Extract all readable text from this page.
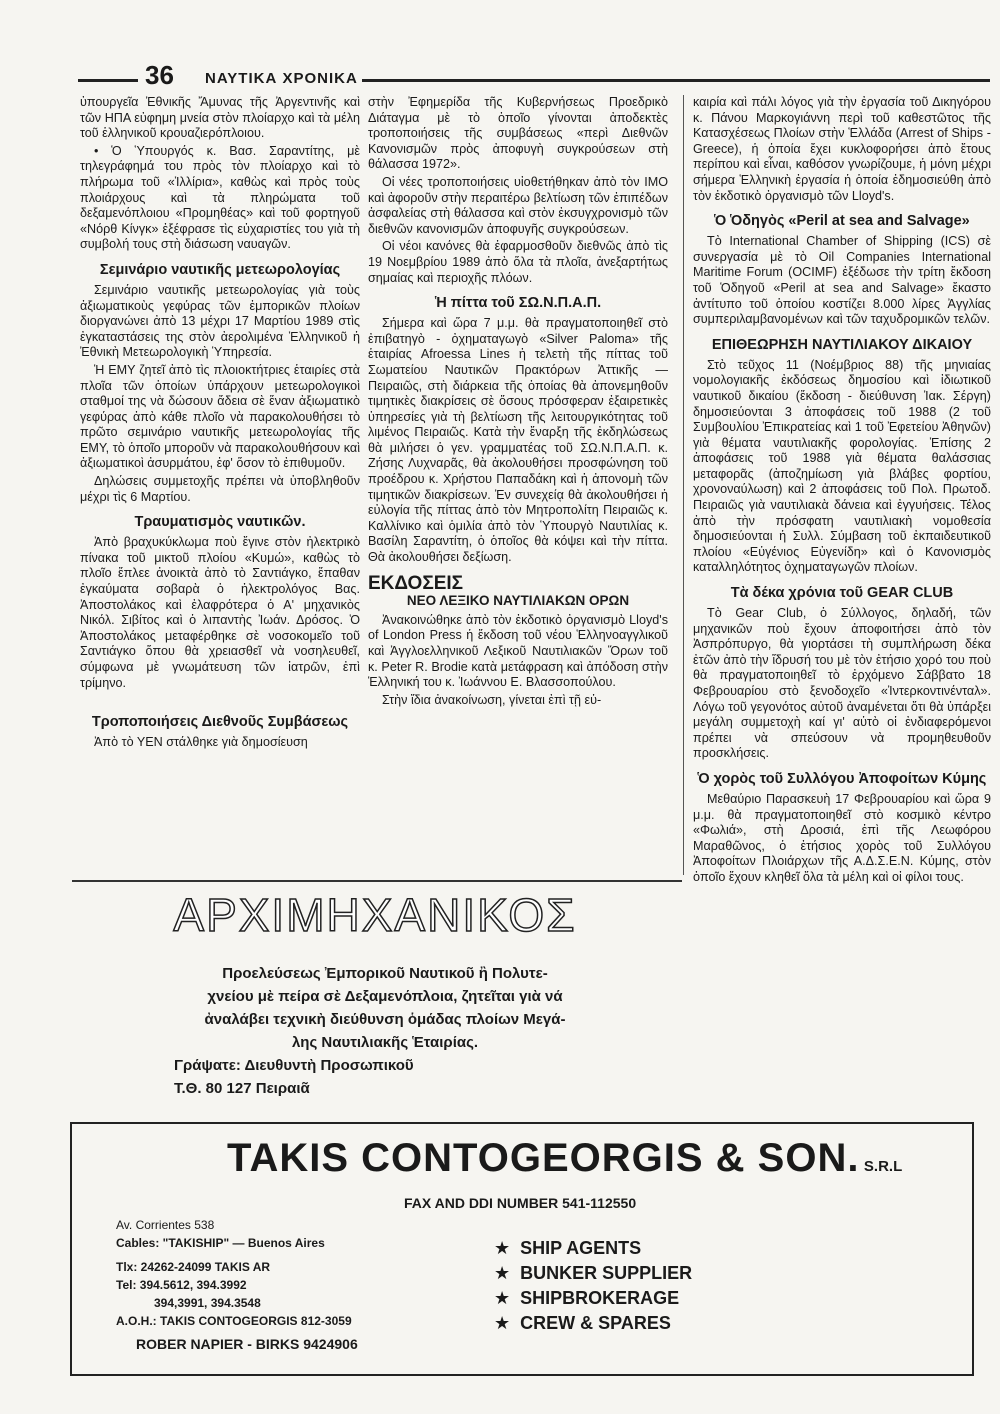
36 ΝΑΥΤΙΚΑ ΧΡΟΝΙΚΑ

ὑπουργεῖα Ἐθνικῆς Ἄμυνας τῆς Ἀργεντινῆς καὶ τῶν ΗΠΑ εὐφημη μνεία στὸν πλοίαρχο καὶ τὰ μέλη τοῦ ἑλληνικοῦ κρουαζιερόπλοιου.

• Ὁ Ὑπουργός κ. Βασ. Σαραντίτης, μὲ τηλεγράφημά του πρὸς τὸν πλοίαρχο καὶ τὸ πλήρωμα τοῦ «Ἰλλίρια», καθὼς καὶ πρὸς τοὺς πλοιάρχους καὶ τὰ πληρώματα τοῦ δεξαμενόπλοιου «Προμηθέας» καὶ τοῦ φορτηγοῦ «Νόρθ Κίνγκ» ἐξέφρασε τὶς εὐχαριστίες του γιὰ τὴ συμβολή τους στὴ διάσωση ναυαγῶν.

Σεμινάριο ναυτικῆς μετεωρολογίας

Σεμινάριο ναυτικῆς μετεωρολογίας γιὰ τοὺς ἀξιωματικοὺς γεφύρας τῶν ἐμπορικῶν πλοίων διοργανώνει ἀπὸ 13 μέχρι 17 Μαρτίου 1989 στὶς ἐγκαταστάσεις της στὸν ἀερολιμένα Ἑλληνικοῦ ἡ Ἐθνικὴ Μετεωρολογικὴ Ὑπηρεσία.

Ἡ ΕΜΥ ζητεῖ ἀπὸ τὶς πλοιοκτήτριες ἑταιρίες στὰ πλοῖα τῶν ὁποίων ὑπάρχουν μετεωρολογικοὶ σταθμοί της νὰ δώσουν ἄδεια σὲ ἕναν ἀξιωματικὸ γεφύρας ἀπὸ κάθε πλοῖο νὰ παρακολουθήσει τὸ πρῶτο σεμινάριο ναυτικῆς μετεωρολογίας τῆς ΕΜΥ, τὸ ὁποῖο μποροῦν νὰ παρακολουθήσουν καὶ ἀξιωματικοὶ ἀσυρμάτου, ἐφ' ὅσον τὸ ἐπιθυμοῦν.

Δηλώσεις συμμετοχῆς πρέπει νὰ ὑποβληθοῦν μέχρι τὶς 6 Μαρτίου.

Τραυματισμὸς ναυτικῶν.

Ἀπὸ βραχυκύκλωμα ποὺ ἔγινε στὸν ἠλεκτρικὸ πίνακα τοῦ μικτοῦ πλοίου «Κυμώ», καθὼς τὸ πλοῖο ἔπλεε ἀνοικτὰ ἀπὸ τὸ Σαντιάγκο, ἔπαθαν ἐγκαύματα σοβαρὰ ὁ ἠλεκτρολόγος Βας. Ἀποστολάκος καὶ ἐλαφρότερα ὁ Α' μηχανικὸς Νικόλ. Σιβίτος καὶ ὁ λιπαντὴς Ἰωάν. Δρόσος. Ὁ Ἀποστολάκος μεταφέρθηκε σὲ νοσοκομεῖο τοῦ Σαντιάγκο ὅπου θὰ χρειασθεῖ νὰ νοσηλευθεῖ, σύμφωνα μὲ γνωμάτευση τῶν ἰατρῶν, ἐπὶ τρίμηνο.

Τροποποιήσεις Διεθνοῦς Συμβάσεως

Ἀπὸ τὸ ΥΕΝ στάλθηκε γιὰ δημοσίευση

στὴν Ἐφημερίδα τῆς Κυβερνήσεως Προεδρικὸ Διάταγμα μὲ τὸ ὁποῖο γίνονται ἀποδεκτὲς τροποποιήσεις τῆς συμβάσεως «περὶ Διεθνῶν Κανονισμῶν πρὸς ἀποφυγὴ συγκρούσεων στὴ θάλασσα 1972».

Οἱ νέες τροποποιήσεις υἱοθετήθηκαν ἀπὸ τὸν ΙΜΟ καὶ ἀφοροῦν στὴν περαιτέρω βελτίωση τῶν ἐπιπέδων ἀσφαλείας στὴ θάλασσα καὶ στὸν ἐκσυγχρονισμὸ τῶν διεθνῶν κανονισμῶν ἀποφυγῆς συγκρούσεων.

Οἱ νέοι κανόνες θὰ ἐφαρμοσθοῦν διεθνῶς ἀπὸ τὶς 19 Νοεμβρίου 1989 ἀπὸ ὅλα τὰ πλοῖα, ἀνεξαρτήτως σημαίας καὶ περιοχῆς πλόων.

Ἡ πίττα τοῦ ΣΩ.Ν.Π.Α.Π.

Σήμερα καὶ ὥρα 7 μ.μ. θὰ πραγματοποιηθεῖ στὸ ἐπιβατηγὸ - ὀχηματαγωγὸ «Silver Paloma» τῆς ἑταιρίας Afroessa Lines ἡ τελετὴ τῆς πίττας τοῦ Σωματείου Ναυτικῶν Πρακτόρων Ἀττικῆς — Πειραιῶς, στὴ διάρκεια τῆς ὁποίας θὰ ἀπονεμηθοῦν τιμητικὲς διακρίσεις σὲ ὅσους πρόσφεραν ἐξαιρετικὲς ὑπηρεσίες γιὰ τὴ βελτίωση τῆς λειτουργικότητας τοῦ λιμένος Πειραιῶς. Κατὰ τὴν ἔναρξη τῆς ἐκδηλώσεως θὰ μιλήσει ὁ γεν. γραμματέας τοῦ ΣΩ.Ν.Π.Α.Π. κ. Ζήσης Λυχναρᾶς, θὰ ἀκολουθήσει προσφώνηση τοῦ προέδρου κ. Χρήστου Παπαδάκη καὶ ἡ ἀπονομὴ τῶν τιμητικῶν διακρίσεων. Ἐν συνεχείᾳ θὰ ἀκολουθήσει ἡ εὐλογία τῆς πίττας ἀπὸ τὸν Μητροπολίτη Πειραιῶς κ. Καλλίνικο καὶ ὁμιλία ἀπὸ τὸν Ὑπουργὸ Ναυτιλίας κ. Βασίλη Σαραντίτη, ὁ ὁποῖος θὰ κόψει καὶ τὴν πίττα. Θὰ ἀκολουθήσει δεξίωση.

ΕΚΔΟΣΕΙΣ
ΝΕΟ ΛΕΞΙΚΟ ΝΑΥΤΙΛΙΑΚΩΝ ΟΡΩΝ

Ἀνακοινώθηκε ἀπὸ τὸν ἐκδοτικὸ ὀργανισμὸ Lloyd's of London Press ἡ ἔκδοση τοῦ νέου Ἑλληνοαγγλικοῦ καὶ Ἀγγλοελληνικοῦ Λεξικοῦ Ναυτιλιακῶν Ὅρων τοῦ κ. Peter R. Brodie κατὰ μετάφραση καὶ ἀπόδοση στὴν Ἑλληνική του κ. Ἰωάννου Ε. Βλασσοπούλου.

Στὴν ἴδια ἀνακοίνωση, γίνεται ἐπὶ τῇ εὐ-

καιρία καὶ πάλι λόγος γιὰ τὴν ἐργασία τοῦ Δικηγόρου κ. Πάνου Μαρκογιάννη περὶ τοῦ καθεστῶτος τῆς Κατασχέσεως Πλοίων στὴν Ἑλλάδα (Arrest of Ships - Greece), ἡ ὁποία ἔχει κυκλοφορήσει ἀπὸ ἔτους περίπου καὶ εἶναι, καθόσον γνωρίζουμε, ἡ μόνη μέχρι σήμερα Ἑλληνικὴ ἐργασία ἡ ὁποία ἐδημοσιεύθη ἀπὸ τὸν ἐκδοτικὸ ὀργανισμὸ τῶν Lloyd's.

Ὁ Ὁδηγὸς «Peril at sea and Salvage»

Τὸ International Chamber of Shipping (ICS) σὲ συνεργασία μὲ τὸ Oil Companies International Maritime Forum (OCIMF) ἐξέδωσε τὴν τρίτη ἔκδοση τοῦ Ὁδηγοῦ «Peril at sea and Salvage» ἔκαστο ἀντίτυπο τοῦ ὁποίου κοστίζει 8.000 λίρες Ἀγγλίας συμπεριλαμβανομένων καὶ τῶν ταχυδρομικῶν τελῶν.

ΕΠΙΘΕΩΡΗΣΗ ΝΑΥΤΙΛΙΑΚΟΥ ΔΙΚΑΙΟΥ

Στὸ τεῦχος 11 (Νοέμβριος 88) τῆς μηνιαίας νομολογιακῆς ἐκδόσεως δημοσίου καὶ ἰδιωτικοῦ ναυτικοῦ δικαίου (ἔκδοση - διεύθυνση Ἰακ. Σέργη) δημοσιεύονται 3 ἀποφάσεις τοῦ 1988 (2 τοῦ Συμβουλίου Ἐπικρατείας καὶ 1 τοῦ Ἐφετείου Ἀθηνῶν) γιὰ θέματα ναυτιλιακῆς φορολογίας. Ἐπίσης 2 ἀποφάσεις τοῦ 1988 γιὰ θέματα θαλάσσιας μεταφορᾶς (ἀποζημίωση γιὰ βλάβες φορτίου, χρονοναύλωση) καὶ 2 ἀποφάσεις τοῦ Πολ. Πρωτοδ. Πειραιῶς γιὰ ναυτιλιακὰ δάνεια καὶ ἐγγυήσεις. Τέλος ἀπὸ τὴν πρόσφατη ναυτιλιακὴ νομοθεσία δημοσιεύονται ἡ Συλλ. Σύμβαση τοῦ ἐκπαιδευτικοῦ πλοίου «Εὐγένιος Εὐγενίδη» καὶ ὁ Κανονισμὸς καταλληλότητος ὀχηματαγωγῶν πλοίων.

Τὰ δέκα χρόνια τοῦ GEAR CLUB

Τὸ Gear Club, ὁ Σύλλογος, δηλαδή, τῶν μηχανικῶν ποὺ ἔχουν ἀποφοιτήσει ἀπὸ τὸν Ἀσπρόπυργο, θὰ γιορτάσει τὴ συμπλήρωση δέκα ἐτῶν ἀπὸ τὴν ἵδρυσή του μὲ τὸν ἐτήσιο χορό του ποὺ θὰ πραγματοποιηθεῖ τὸ ἐρχόμενο Σάββατο 18 Φεβρουαρίου στὸ ξενοδοχεῖο «Ἰντερκοντινένταλ». Λόγω τοῦ γεγονότος αὐτοῦ ἀναμένεται ὅτι θὰ ὑπάρξει μεγάλη συμμετοχὴ καί γι' αὐτὸ οἱ ἐνδιαφερόμενοι πρέπει νὰ σπεύσουν νὰ προμηθευθοῦν προσκλήσεις.

Ὁ χορὸς τοῦ Συλλόγου Ἀποφοίτων Κύμης

Μεθαύριο Παρασκευὴ 17 Φεβρουαρίου καὶ ὥρα 9 μ.μ. θὰ πραγματοποιηθεῖ στὸ κοσμικὸ κέντρο «Φωλιά», στὴ Δροσιά, ἐπὶ τῆς Λεωφόρου Μαραθῶνος, ὁ ἐτήσιος χορὸς τοῦ Συλλόγου Ἀποφοίτων Πλοιάρχων τῆς Α.Δ.Σ.Ε.Ν. Κύμης, στὸν ὁποῖο ἔχουν κληθεῖ ὅλα τὰ μέλη καὶ οἱ φίλοι τους.

ΑΡΧΙΜΗΧΑΝΙΚΟΣ
Προελεύσεως Ἐμπορικοῦ Ναυτικοῦ ἢ Πολυτε-
χνείου μὲ πείρα σὲ Δεξαμενόπλοια, ζητεῖται γιὰ νά
ἀναλάβει τεχνικὴ διεύθυνση ὁμάδας πλοίων Μεγά-
λης Ναυτιλιακῆς Ἑταιρίας.
Γράψατε: Διευθυντὴ Προσωπικοῦ
Τ.Θ. 80 127 Πειραιᾶ
TAKIS CONTOGEORGIS & SON. S.R.L
FAX AND DDI NUMBER 541-112550
Av. Corrientes 538
Cables: "TAKISHIP" — Buenos Aires
Tlx: 24262-24099 TAKIS AR
Tel: 394.5612, 394.3992
394,3991, 394.3548
A.O.H.: TAKIS CONTOGEORGIS 812-3059
ROBER NAPIER - BIRKS 9424906
★ SHIP AGENTS
★ BUNKER SUPPLIER
★ SHIPBROKERAGE
★ CREW & SPARES
